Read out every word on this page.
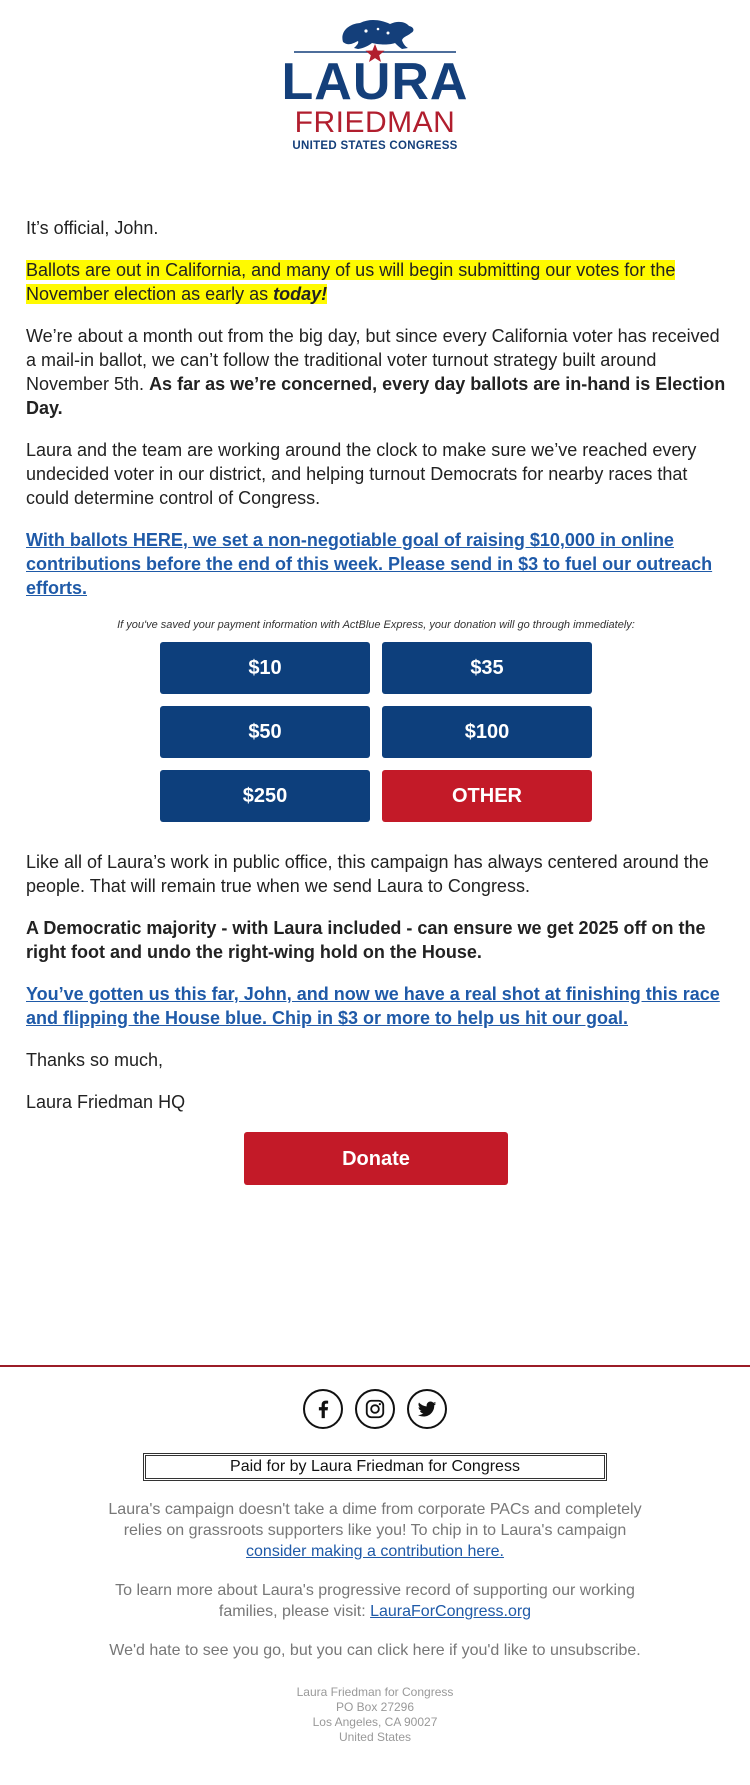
LAURA
FRIEDMAN
UNITED STATES CONGRESS

It’s official, John.

Ballots are out in California, and many of us will begin submitting our votes for the November election as early as today!

We’re about a month out from the big day, but since every California voter has received a mail-in ballot, we can’t follow the traditional voter turnout strategy built around November 5th. As far as we’re concerned, every day ballots are in-hand is Election Day.

Laura and the team are working around the clock to make sure we’ve reached every undecided voter in our district, and helping turnout Democrats for nearby races that could determine control of Congress.

With ballots HERE, we set a non-negotiable goal of raising $10,000 in online contributions before the end of this week. Please send in $3 to fuel our outreach efforts.

If you've saved your payment information with ActBlue Express, your donation will go through immediately:

$10	$35
$50	$100
$250	OTHER

Like all of Laura’s work in public office, this campaign has always centered around the people. That will remain true when we send Laura to Congress.

A Democratic majority - with Laura included - can ensure we get 2025 off on the right foot and undo the right-wing hold on the House.

You’ve gotten us this far, John, and now we have a real shot at finishing this race and flipping the House blue. Chip in $3 or more to help us hit our goal.

Thanks so much,

Laura Friedman HQ

Donate
Paid for by Laura Friedman for Congress

Laura's campaign doesn't take a dime from corporate PACs and completely relies on grassroots supporters like you! To chip in to Laura's campaign consider making a contribution here.

To learn more about Laura's progressive record of supporting our working families, please visit: LauraForCongress.org

We'd hate to see you go, but you can click here if you'd like to unsubscribe.

Laura Friedman for Congress
PO Box 27296
Los Angeles, CA 90027
United States
